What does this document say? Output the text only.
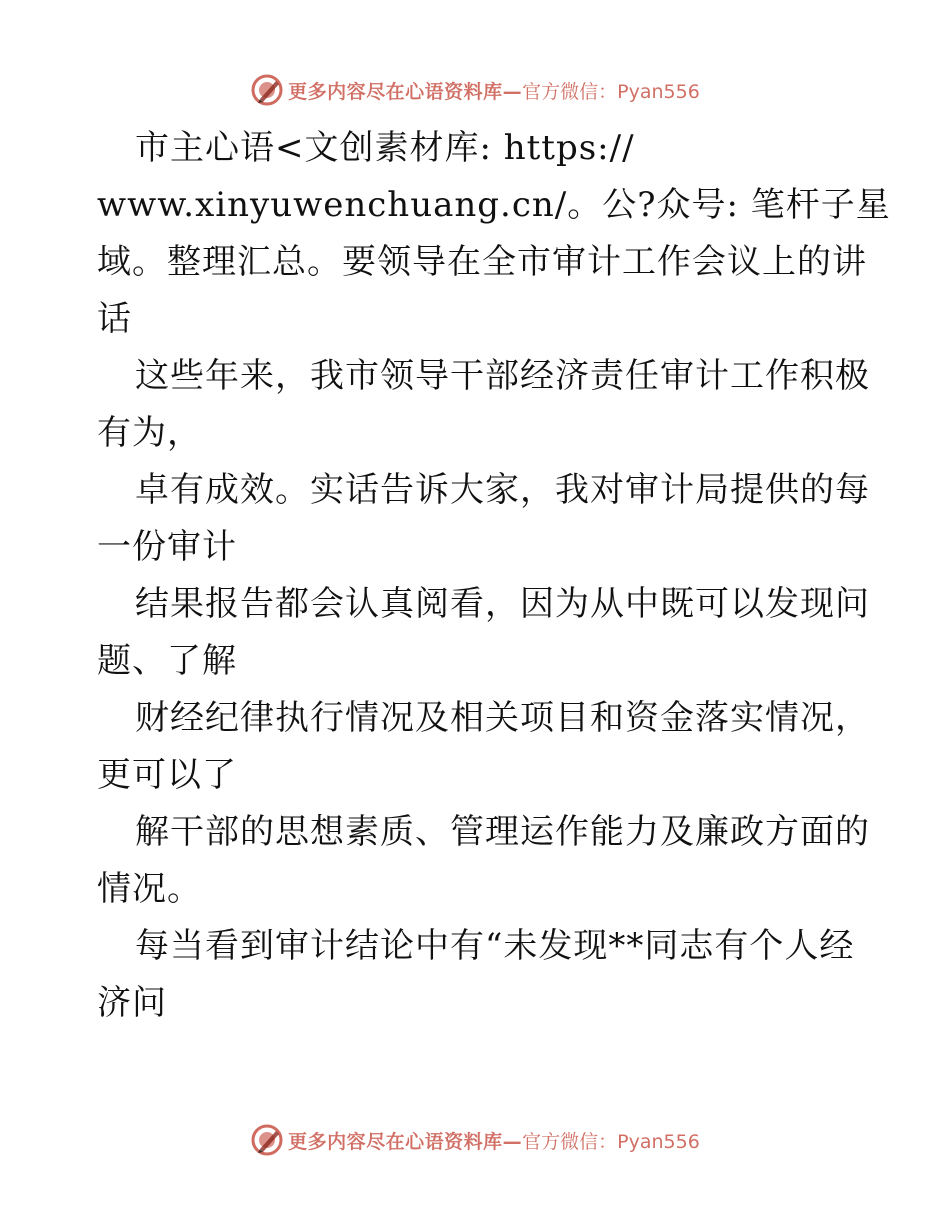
更多内容尽在心语资料库— 官方微信：Pyan556
市主心语<文创素材库: https://
www.xinyuwenchuang.cn/。公?众号: 笔杆子星
域。整理汇总。要领导在全市审计工作会议上的讲
话
这些年来，我市领导干部经济责任审计工作积极
有为，
卓有成效。实话告诉大家，我对审计局提供的每
一份审计
结果报告都会认真阅看，因为从中既可以发现问
题、了解
财经纪律执行情况及相关项目和资金落实情况，
更可以了
解干部的思想素质、管理运作能力及廉政方面的
情况。
每当看到审计结论中有“未发现**同志有个人经
济问
更多内容尽在心语资料库— 官方微信：Pyan556
